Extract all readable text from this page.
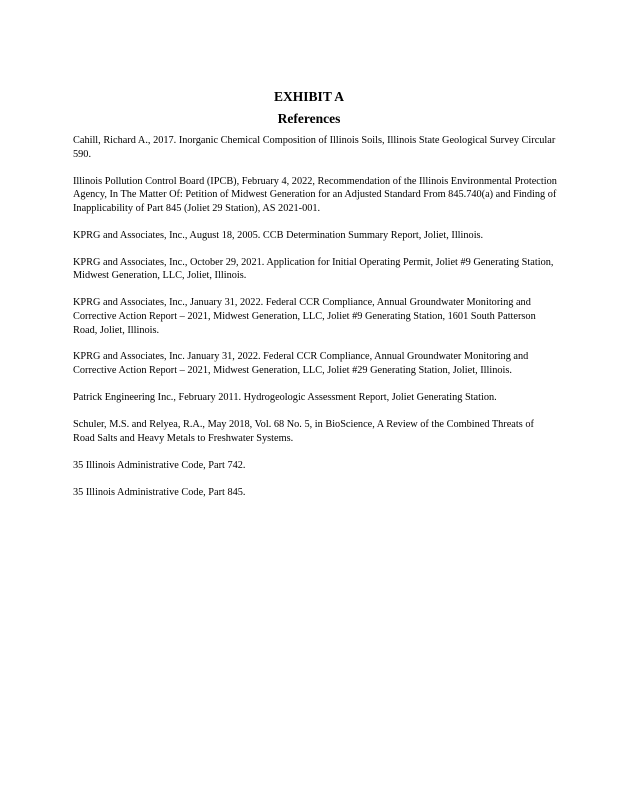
EXHIBIT A
References
Cahill, Richard A., 2017. Inorganic Chemical Composition of Illinois Soils, Illinois State Geological Survey Circular 590.
Illinois Pollution Control Board (IPCB), February 4, 2022, Recommendation of the Illinois Environmental Protection Agency, In The Matter Of: Petition of Midwest Generation for an Adjusted Standard From 845.740(a) and Finding of Inapplicability of Part 845 (Joliet 29 Station), AS 2021-001.
KPRG and Associates, Inc., August 18, 2005. CCB Determination Summary Report, Joliet, Illinois.
KPRG and Associates, Inc., October 29, 2021. Application for Initial Operating Permit, Joliet #9 Generating Station, Midwest Generation, LLC, Joliet, Illinois.
KPRG and Associates, Inc., January 31, 2022. Federal CCR Compliance, Annual Groundwater Monitoring and Corrective Action Report – 2021, Midwest Generation, LLC, Joliet #9 Generating Station, 1601 South Patterson Road, Joliet, Illinois.
KPRG and Associates, Inc. January 31, 2022. Federal CCR Compliance, Annual Groundwater Monitoring and Corrective Action Report – 2021, Midwest Generation, LLC, Joliet #29 Generating Station, Joliet, Illinois.
Patrick Engineering Inc., February 2011. Hydrogeologic Assessment Report, Joliet Generating Station.
Schuler, M.S. and Relyea, R.A., May 2018, Vol. 68 No. 5, in BioScience, A Review of the Combined Threats of Road Salts and Heavy Metals to Freshwater Systems.
35 Illinois Administrative Code, Part 742.
35 Illinois Administrative Code, Part 845.
